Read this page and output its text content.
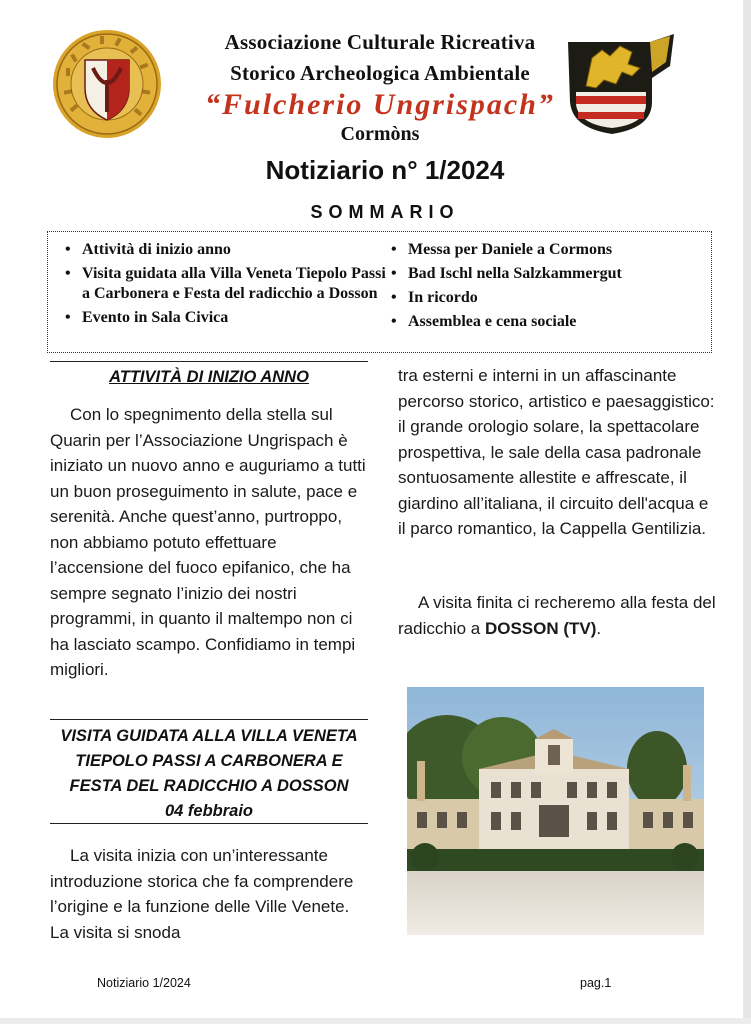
Associazione Culturale Ricreativa
Storico Archeologica Ambientale
“Fulcherio Ungrispach”
Cormòns
Notiziario n° 1/2024
SOMMARIO
• Attività di inizio anno
• Visita guidata alla Villa Veneta Tiepolo Passi a Carbonera e Festa del radicchio a Dosson
• Evento in Sala Civica
• Messa per Daniele a Cormons
• Bad Ischl nella Salzkammergut
• In ricordo
• Assemblea e cena sociale
ATTIVITÀ DI INIZIO ANNO

Con lo spegnimento della stella sul Quarin per l’Associazione Ungrispach è iniziato un nuovo anno e auguriamo a tutti un buon proseguimento in salute, pace e serenità. Anche quest’anno, purtroppo, non abbiamo potuto effettuare l’accensione del fuoco epifanico, che ha sempre segnato l’inizio dei nostri programmi, in quanto il maltempo non ci ha lasciato scampo. Confidiamo in tempi migliori.

VISITA GUIDATA ALLA VILLA VENETA TIEPOLO PASSI A CARBONERA E FESTA DEL RADICCHIO A DOSSON
04 febbraio

La visita inizia con un’interessante introduzione storica che fa comprendere l’origine e la funzione delle Ville Venete. La visita si snoda

tra esterni e interni in un affascinante percorso storico, artistico e paesaggistico: il grande orologio solare, la spettacolare prospettiva, le sale della casa padronale sontuosamente allestite e affrescate, il giardino all’italiana, il circuito dell'acqua e il parco romantico, la Cappella Gentilizia.

A visita finita ci recheremo alla festa del radicchio a DOSSON (TV).

Notiziario 1/2024	pag.1
